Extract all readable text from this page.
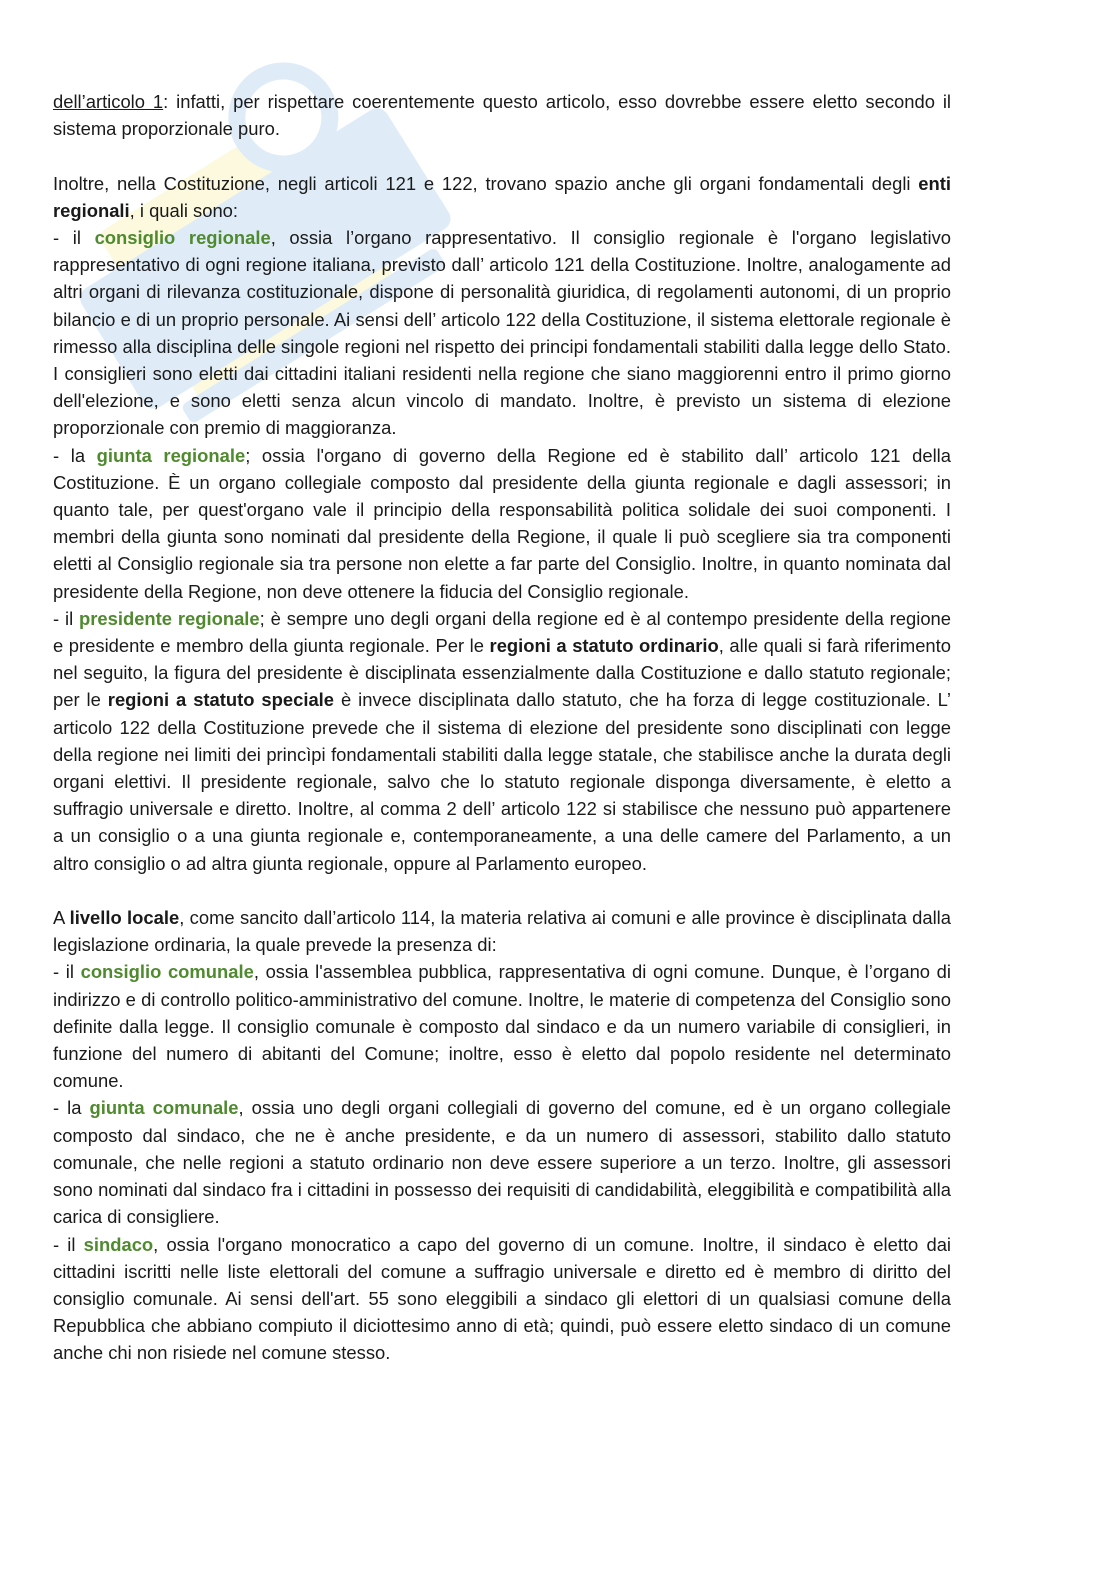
dell’articolo 1: infatti, per rispettare coerentemente questo articolo, esso dovrebbe essere eletto secondo il sistema proporzionale puro.

Inoltre, nella Costituzione, negli articoli 121 e 122, trovano spazio anche gli organi fondamentali degli enti regionali, i quali sono:

- il consiglio regionale, ossia l’organo rappresentativo. Il consiglio regionale è l'organo legislativo rappresentativo di ogni regione italiana, previsto dall’ articolo 121 della Costituzione. Inoltre, analogamente ad altri organi di rilevanza costituzionale, dispone di personalità giuridica, di regolamenti autonomi, di un proprio bilancio e di un proprio personale. Ai sensi dell’ articolo 122 della Costituzione, il sistema elettorale regionale è rimesso alla disciplina delle singole regioni nel rispetto dei principi fondamentali stabiliti dalla legge dello Stato. I consiglieri sono eletti dai cittadini italiani residenti nella regione che siano maggiorenni entro il primo giorno dell'elezione, e sono eletti senza alcun vincolo di mandato. Inoltre, è previsto un sistema di elezione proporzionale con premio di maggioranza.

- la giunta regionale; ossia l'organo di governo della Regione ed è stabilito dall’ articolo 121 della Costituzione. È un organo collegiale composto dal presidente della giunta regionale e dagli assessori; in quanto tale, per quest'organo vale il principio della responsabilità politica solidale dei suoi componenti. I membri della giunta sono nominati dal presidente della Regione, il quale li può scegliere sia tra componenti eletti al Consiglio regionale sia tra persone non elette a far parte del Consiglio. Inoltre, in quanto nominata dal presidente della Regione, non deve ottenere la fiducia del Consiglio regionale.

- il presidente regionale; è sempre uno degli organi della regione ed è al contempo presidente della regione e presidente e membro della giunta regionale. Per le regioni a statuto ordinario, alle quali si farà riferimento nel seguito, la figura del presidente è disciplinata essenzialmente dalla Costituzione e dallo statuto regionale; per le regioni a statuto speciale è invece disciplinata dallo statuto, che ha forza di legge costituzionale. L’ articolo 122 della Costituzione prevede che il sistema di elezione del presidente sono disciplinati con legge della regione nei limiti dei princìpi fondamentali stabiliti dalla legge statale, che stabilisce anche la durata degli organi elettivi. Il presidente regionale, salvo che lo statuto regionale disponga diversamente, è eletto a suffragio universale e diretto. Inoltre, al comma 2 dell’ articolo 122 si stabilisce che nessuno può appartenere a un consiglio o a una giunta regionale e, contemporaneamente, a una delle camere del Parlamento, a un altro consiglio o ad altra giunta regionale, oppure al Parlamento europeo.

A livello locale, come sancito dall’articolo 114, la materia relativa ai comuni e alle province è disciplinata dalla legislazione ordinaria, la quale prevede la presenza di:

- il consiglio comunale, ossia l'assemblea pubblica, rappresentativa di ogni comune. Dunque, è l’organo di indirizzo e di controllo politico-amministrativo del comune. Inoltre, le materie di competenza del Consiglio sono definite dalla legge. Il consiglio comunale è composto dal sindaco e da un numero variabile di consiglieri, in funzione del numero di abitanti del Comune; inoltre, esso è eletto dal popolo residente nel determinato comune.

- la giunta comunale, ossia uno degli organi collegiali di governo del comune, ed è un organo collegiale composto dal sindaco, che ne è anche presidente, e da un numero di assessori, stabilito dallo statuto comunale, che nelle regioni a statuto ordinario non deve essere superiore a un terzo. Inoltre, gli assessori sono nominati dal sindaco fra i cittadini in possesso dei requisiti di candidabilità, eleggibilità e compatibilità alla carica di consigliere.

- il sindaco, ossia l'organo monocratico a capo del governo di un comune. Inoltre, il sindaco è eletto dai cittadini iscritti nelle liste elettorali del comune a suffragio universale e diretto ed è membro di diritto del consiglio comunale. Ai sensi dell'art. 55 sono eleggibili a sindaco gli elettori di un qualsiasi comune della Repubblica che abbiano compiuto il diciottesimo anno di età; quindi, può essere eletto sindaco di un comune anche chi non risiede nel comune stesso.
